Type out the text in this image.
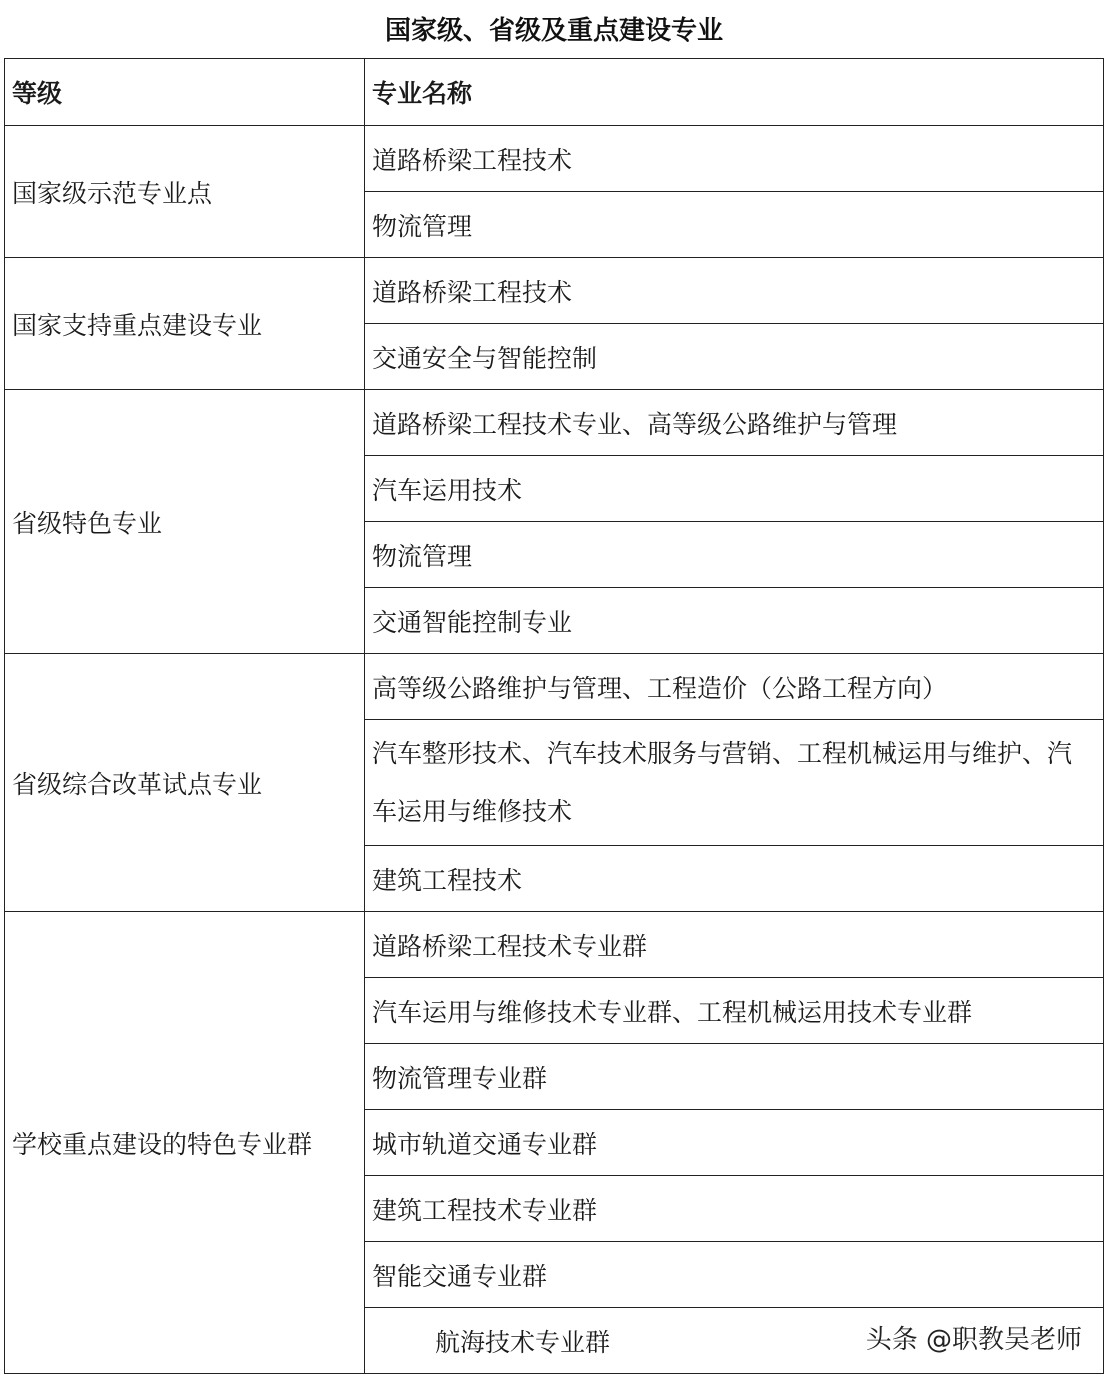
国家级、省级及重点建设专业
等级	专业名称
国家级示范专业点	道路桥梁工程技术
	物流管理
国家支持重点建设专业	道路桥梁工程技术
	交通安全与智能控制
省级特色专业	道路桥梁工程技术专业、高等级公路维护与管理
	汽车运用技术
	物流管理
	交通智能控制专业
省级综合改革试点专业	高等级公路维护与管理、工程造价（公路工程方向）
	汽车整形技术、汽车技术服务与营销、工程机械运用与维护、汽车运用与维修技术
	建筑工程技术
学校重点建设的特色专业群	道路桥梁工程技术专业群
	汽车运用与维修技术专业群、工程机械运用技术专业群
	物流管理专业群
	城市轨道交通专业群
	建筑工程技术专业群
	智能交通专业群
	航海技术专业群	头条 @职教吴老师
